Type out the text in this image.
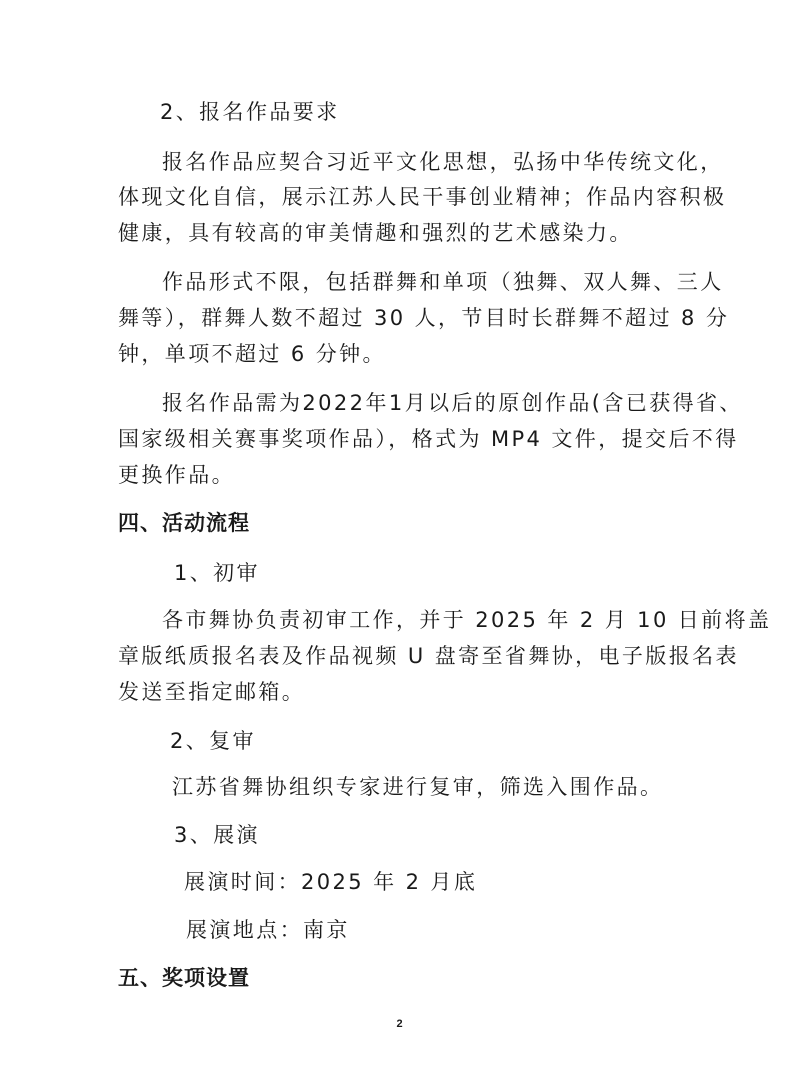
2、报名作品要求
报名作品应契合习近平文化思想，弘扬中华传统文化，
体现文化自信，展示江苏人民干事创业精神；作品内容积极
健康，具有较高的审美情趣和强烈的艺术感染力。
作品形式不限，包括群舞和单项（独舞、双人舞、三人
舞等），群舞人数不超过 30 人，节目时长群舞不超过 8 分
钟，单项不超过 6 分钟。
报名作品需为2022年1月以后的原创作品(含已获得省、
国家级相关赛事奖项作品），格式为 MP4 文件，提交后不得
更换作品。
四、活动流程
1、初审
各市舞协负责初审工作，并于 2025 年 2 月 10 日前将盖
章版纸质报名表及作品视频 U 盘寄至省舞协，电子版报名表
发送至指定邮箱。
2、复审
江苏省舞协组织专家进行复审，筛选入围作品。
3、展演
展演时间：2025 年 2 月底
展演地点：南京
五、奖项设置
2
